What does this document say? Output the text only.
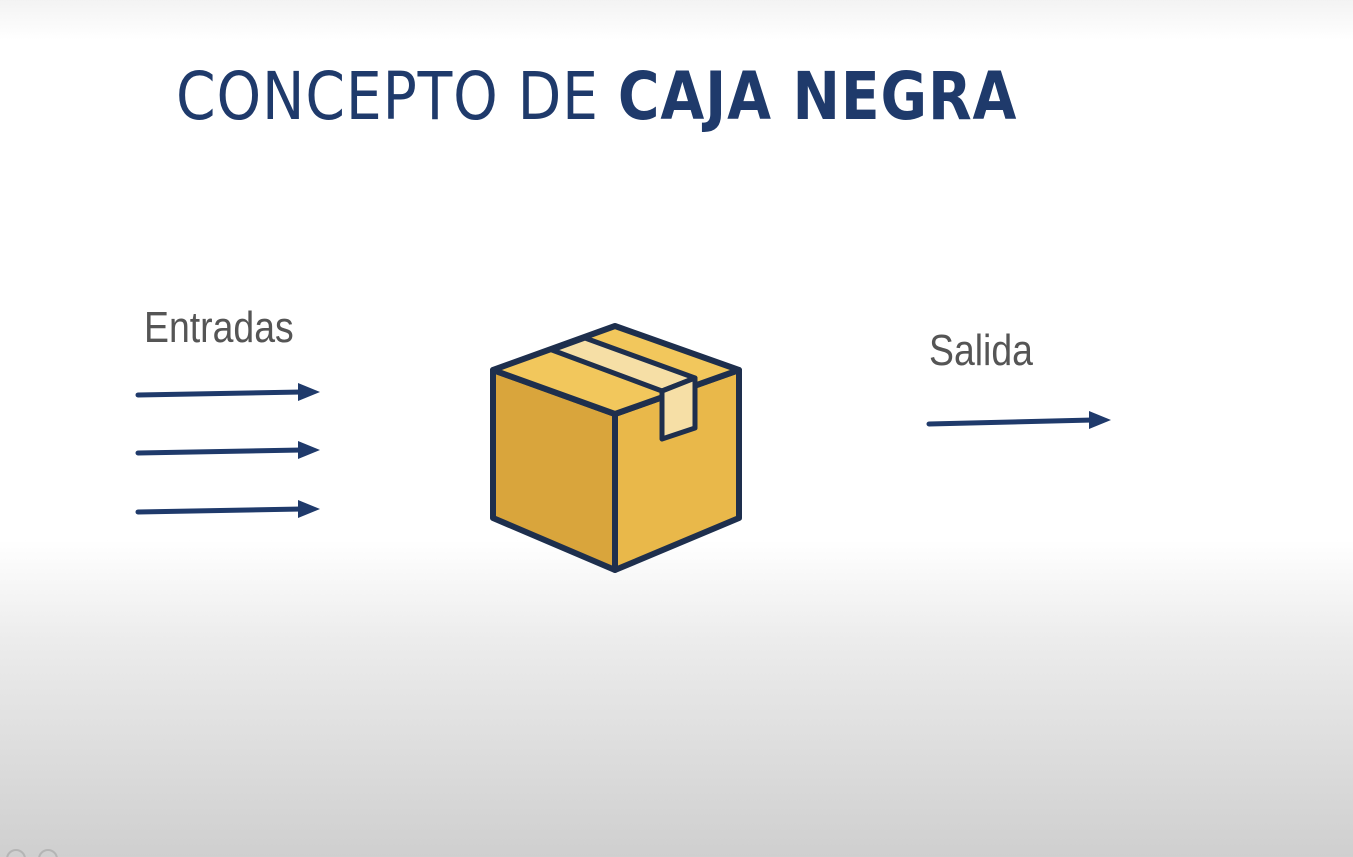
CONCEPTO DE CAJA NEGRA

Entradas	Salida
